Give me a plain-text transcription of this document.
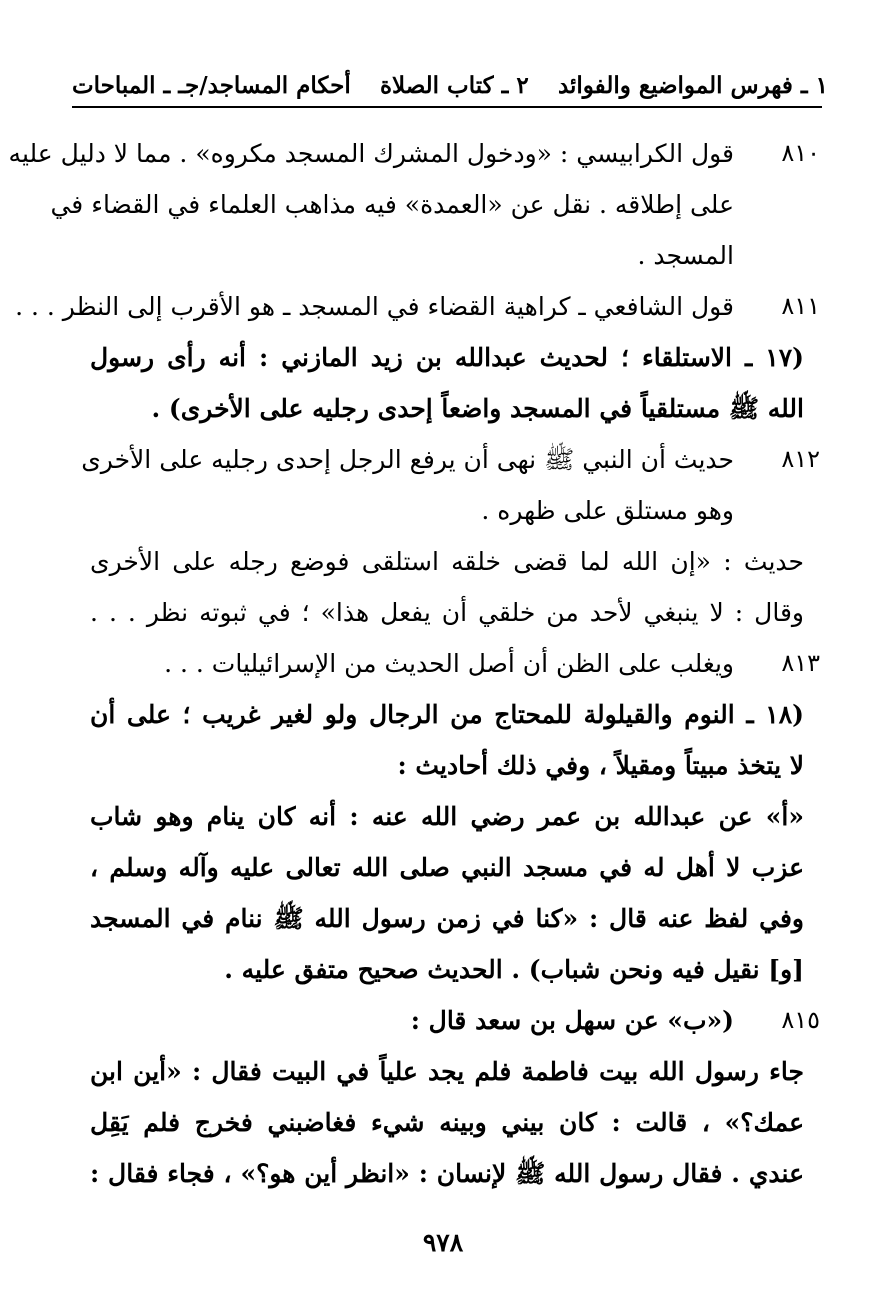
١ ـ فهرس المواضيع والفوائد
٢ ـ كتاب الصلاة
أحكام المساجد/جـ ـ المباحات
٨١٠
قول الكرابيسي : «ودخول المشرك المسجد مكروه» . مما لا دليل عليه
على إطلاقه . نقل عن «العمدة» فيه مذاهب العلماء في القضاء في
المسجد .
٨١١
قول الشافعي ـ كراهية القضاء في المسجد ـ هو الأقرب إلى النظر . . .
(١٧ ـ الاستلقاء ؛ لحديث عبدالله بن زيد المازني : أنه رأى رسول
الله ﷺ مستلقياً في المسجد واضعاً إحدى رجليه على الأخرى) .
٨١٢
حديث أن النبي ﷺ نهى أن يرفع الرجل إحدى رجليه على الأخرى
وهو مستلق على ظهره .
حديث : «إن الله لما قضى خلقه استلقى فوضع رجله على الأخرى
وقال : لا ينبغي لأحد من خلقي أن يفعل هذا» ؛ في ثبوته نظر . . .
٨١٣
ويغلب على الظن أن أصل الحديث من الإسرائيليات . . .
(١٨ ـ النوم والقيلولة للمحتاج من الرجال ولو لغير غريب ؛ على أن
لا يتخذ مبيتاً ومقيلاً ، وفي ذلك أحاديث :
«أ» عن عبدالله بن عمر رضي الله عنه : أنه كان ينام وهو شاب
عزب لا أهل له في مسجد النبي صلى الله تعالى عليه وآله وسلم ،
وفي لفظ عنه قال : «كنا في زمن رسول الله ﷺ ننام في المسجد
[و] نقيل فيه ونحن شباب) . الحديث صحيح متفق عليه .
٨١٥
(«ب» عن سهل بن سعد قال :
جاء رسول الله بيت فاطمة فلم يجد علياً في البيت فقال : «أين ابن
عمك؟» ، قالت : كان بيني وبينه شيء فغاضبني فخرج فلم يَقِل
عندي . فقال رسول الله ﷺ لإنسان : «انظر أين هو؟» ، فجاء فقال :
٩٧٨
